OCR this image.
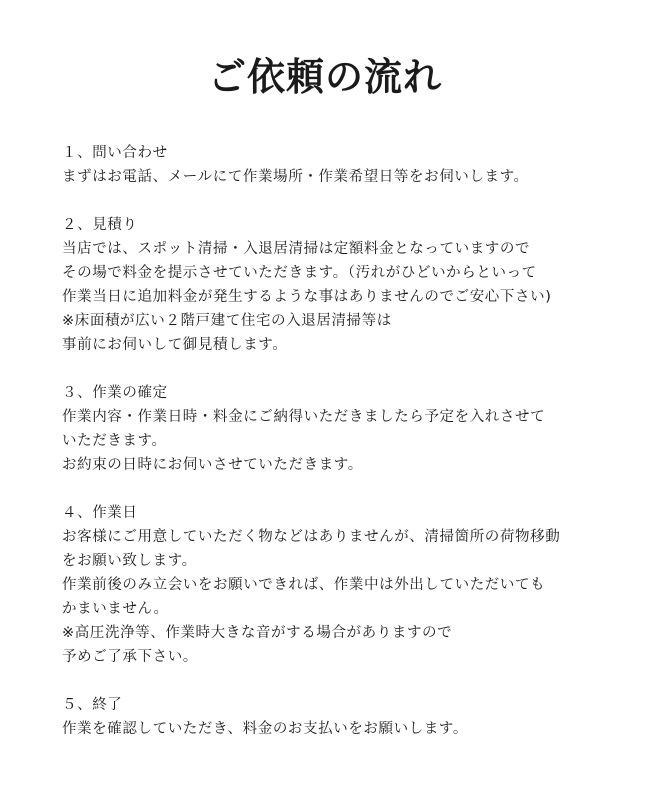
ご依頼の流れ
１、問い合わせ
まずはお電話、メールにて作業場所・作業希望日等をお伺いします。
２、見積り
当店では、スポット清掃・入退居清掃は定額料金となっていますので
その場で料金を提示させていただきます。（汚れがひどいからといって
作業当日に追加料金が発生するような事はありませんのでご安心下さい)
※床面積が広い２階戸建て住宅の入退居清掃等は
事前にお伺いして御見積します。
３、作業の確定
作業内容・作業日時・料金にご納得いただきましたら予定を入れさせて
いただきます。
お約束の日時にお伺いさせていただきます。
４、作業日
お客様にご用意していただく物などはありませんが、清掃箇所の荷物移動
をお願い致します。
作業前後のみ立会いをお願いできれば、作業中は外出していただいても
かまいません。
※高圧洗浄等、作業時大きな音がする場合がありますので
予めご了承下さい。
５、終了
作業を確認していただき、料金のお支払いをお願いします。
